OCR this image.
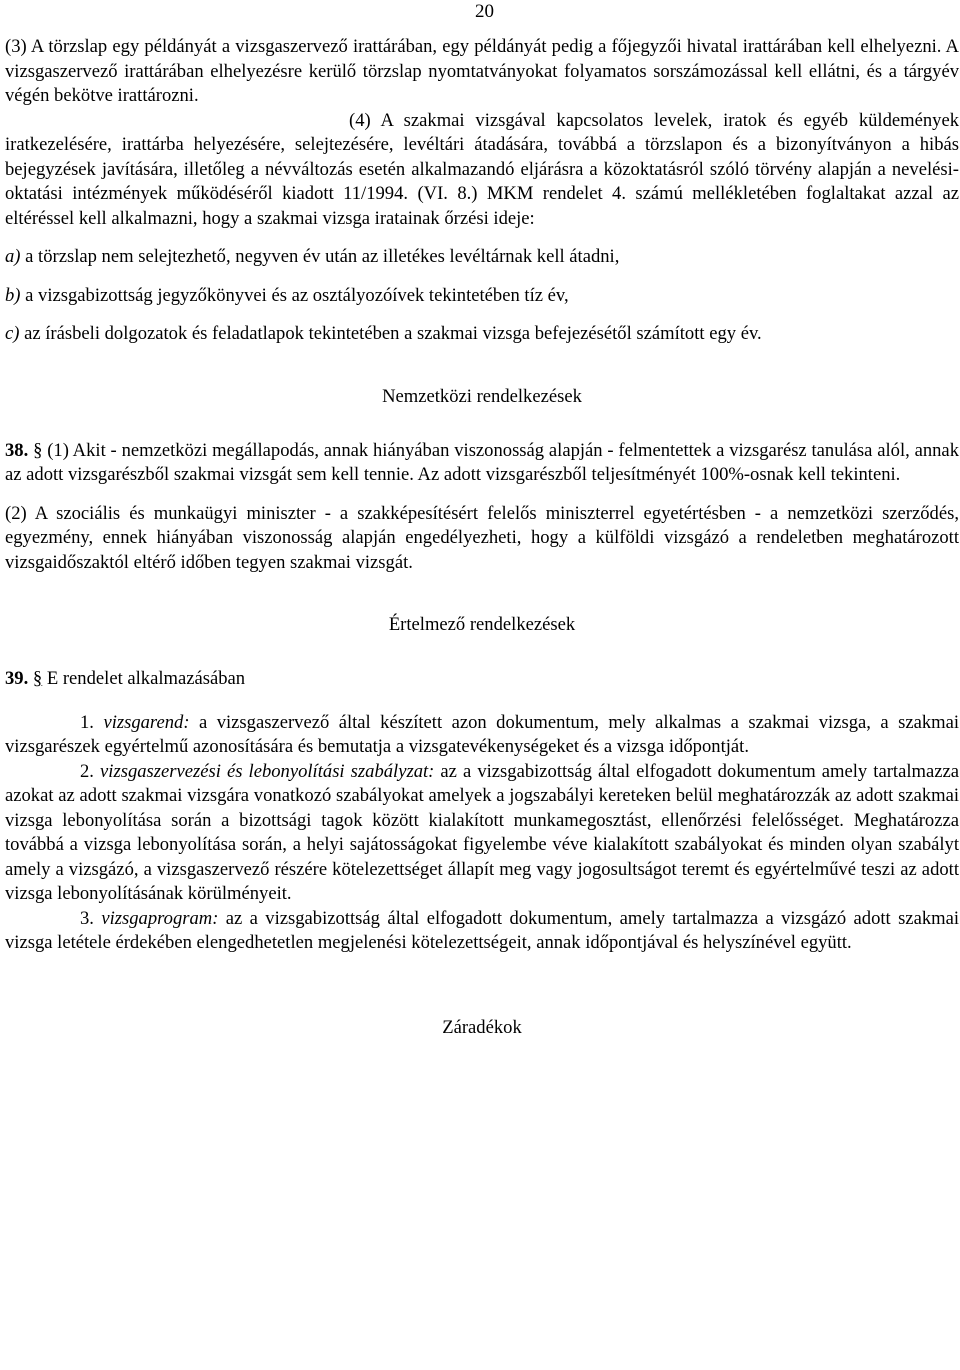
20

(3) A törzslap egy példányát a vizsgaszervező irattárában, egy példányát pedig a főjegyzői hivatal irattárában kell elhelyezni. A vizsgaszervező irattárában elhelyezésre kerülő törzslap nyomtatványokat folyamatos sorszámozással kell ellátni, és a tárgyév végén bekötve irattározni.

(4) A szakmai vizsgával kapcsolatos levelek, iratok és egyéb küldemények iratkezelésére, irattárba helyezésére, selejtezésére, levéltári átadására, továbbá a törzslapon és a bizonyítványon a hibás bejegyzések javítására, illetőleg a névváltozás esetén alkalmazandó eljárásra a közoktatásról szóló törvény alapján a nevelési-oktatási intézmények működéséről kiadott 11/1994. (VI. 8.) MKM rendelet 4. számú mellékletében foglaltakat azzal az eltéréssel kell alkalmazni, hogy a szakmai vizsga iratainak őrzési ideje:

a) a törzslap nem selejtezhető, negyven év után az illetékes levéltárnak kell átadni,

b) a vizsgabizottság jegyzőkönyvei és az osztályozóívek tekintetében tíz év,

c) az írásbeli dolgozatok és feladatlapok tekintetében a szakmai vizsga befejezésétől számított egy év.

Nemzetközi rendelkezések

38. § (1) Akit - nemzetközi megállapodás, annak hiányában viszonosság alapján - felmentettek a vizsgarész tanulása alól, annak az adott vizsgarészből szakmai vizsgát sem kell tennie. Az adott vizsgarészből teljesítményét 100%-osnak kell tekinteni.

(2) A szociális és munkaügyi miniszter - a szakképesítésért felelős miniszterrel egyetértésben - a nemzetközi szerződés, egyezmény, ennek hiányában viszonosság alapján engedélyezheti, hogy a külföldi vizsgázó a rendeletben meghatározott vizsgaidőszaktól eltérő időben tegyen szakmai vizsgát.

Értelmező rendelkezések

39. § E rendelet alkalmazásában

1. vizsgarend: a vizsgaszervező által készített azon dokumentum, mely alkalmas a szakmai vizsga, a szakmai vizsgarészek egyértelmű azonosítására és bemutatja a vizsgatevékenységeket és a vizsga időpontját.

2. vizsgaszervezési és lebonyolítási szabályzat: az a vizsgabizottság által elfogadott dokumentum amely tartalmazza azokat az adott szakmai vizsgára vonatkozó szabályokat amelyek a jogszabályi kereteken belül meghatározzák az adott szakmai vizsga lebonyolítása során a bizottsági tagok között kialakított munkamegosztást, ellenőrzési felelősséget. Meghatározza továbbá a vizsga lebonyolítása során, a helyi sajátosságokat figyelembe véve kialakított szabályokat és minden olyan szabályt amely a vizsgázó, a vizsgaszervező részére kötelezettséget állapít meg vagy jogosultságot teremt és egyértelművé teszi az adott vizsga lebonyolításának körülményeit.

3. vizsgaprogram: az a vizsgabizottság által elfogadott dokumentum, amely tartalmazza a vizsgázó adott szakmai vizsga letétele érdekében elengedhetetlen megjelenési kötelezettségeit, annak időpontjával és helyszínével együtt.

Záradékok
